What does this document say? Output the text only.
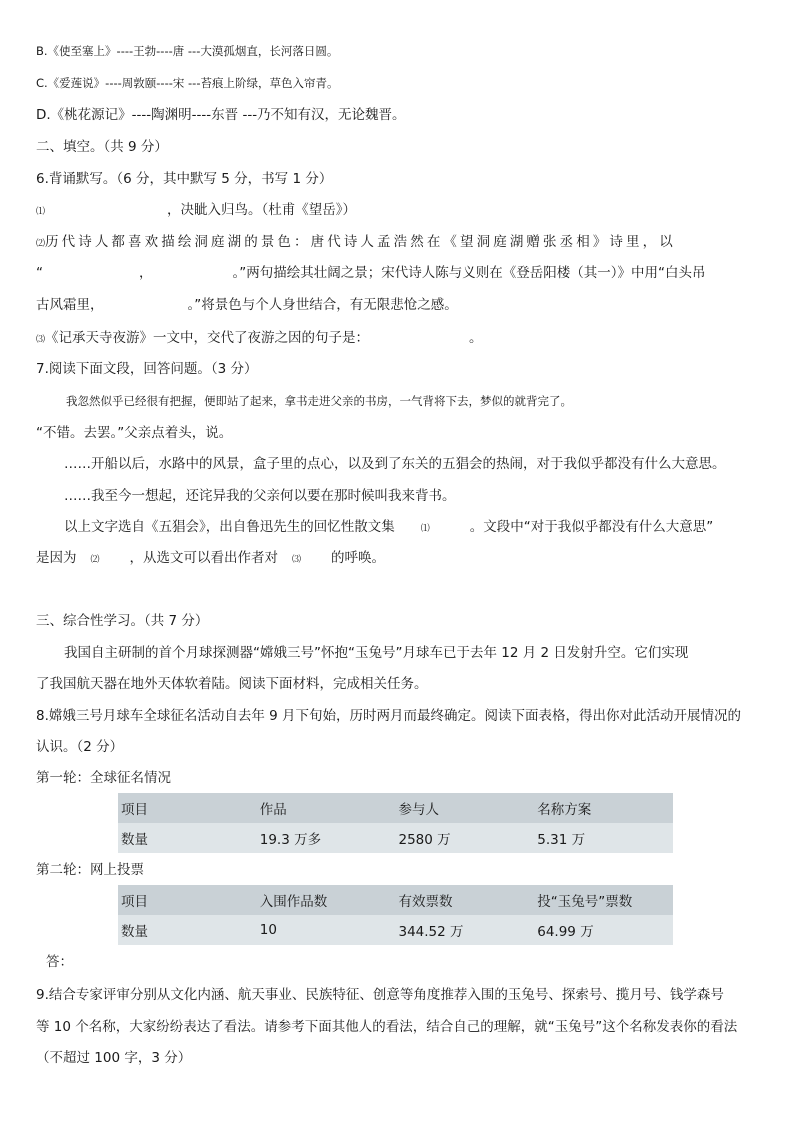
B.《使至塞上》----王勃----唐 ---大漠孤烟直，长河落日圆。
C.《爱莲说》----周敦颐----宋 ---苔痕上阶绿，草色入帘青。
D.《桃花源记》----陶渊明----东晋 ---乃不知有汉，无论魏晋。
二、填空。（共 9 分）
6.背诵默写。（6 分，其中默写 5 分，书写 1 分）
⑴	，决眦入归鸟。（杜甫《望岳》）
⑵历代诗人都喜欢描绘洞庭湖的景色：唐代诗人孟浩然在《望洞庭湖赠张丞相》诗里，以
“	，	。”两句描绘其壮阔之景；宋代诗人陈与义则在《登岳阳楼（其一）》中用“白头吊
古风霜里，	。”将景色与个人身世结合，有无限悲怆之感。
⑶《记承天寺夜游》一文中，交代了夜游之因的句子是：	。
7.阅读下面文段，回答问题。（3 分）
我忽然似乎已经很有把握，便即站了起来，拿书走进父亲的书房，一气背将下去，梦似的就背完了。
“不错。去罢。”父亲点着头，说。
……开船以后，水路中的风景，盒子里的点心，以及到了东关的五猖会的热闹，对于我似乎都没有什么大意思。
……我至今一想起，还诧异我的父亲何以要在那时候叫我来背书。
以上文字选自《五猖会》，出自鲁迅先生的回忆性散文集	⑴	。文段中“对于我似乎都没有什么大意思”
是因为 ⑵ ，从选文可以看出作者对 ⑶ 的呼唤。
三、综合性学习。（共 7 分）
我国自主研制的首个月球探测器“嫦娥三号”怀抱“玉兔号”月球车已于去年 12 月 2 日发射升空。它们实现
了我国航天器在地外天体软着陆。阅读下面材料，完成相关任务。
8.嫦娥三号月球车全球征名活动自去年 9 月下旬始，历时两月而最终确定。阅读下面表格，得出你对此活动开展情况的
认识。（2 分）
第一轮：全球征名情况
项目	作品	参与人	名称方案
数量	19.3 万多	2580 万	5.31 万
第二轮：网上投票
项目	入围作品数	有效票数	投“玉兔号”票数
数量	10	344.52 万	64.99 万
答：
9.结合专家评审分别从文化内涵、航天事业、民族特征、创意等角度推荐入围的玉兔号、探索号、揽月号、钱学森号
等 10 个名称，大家纷纷表达了看法。请参考下面其他人的看法，结合自己的理解，就“玉兔号”这个名称发表你的看法
（不超过 100 字，3 分）
